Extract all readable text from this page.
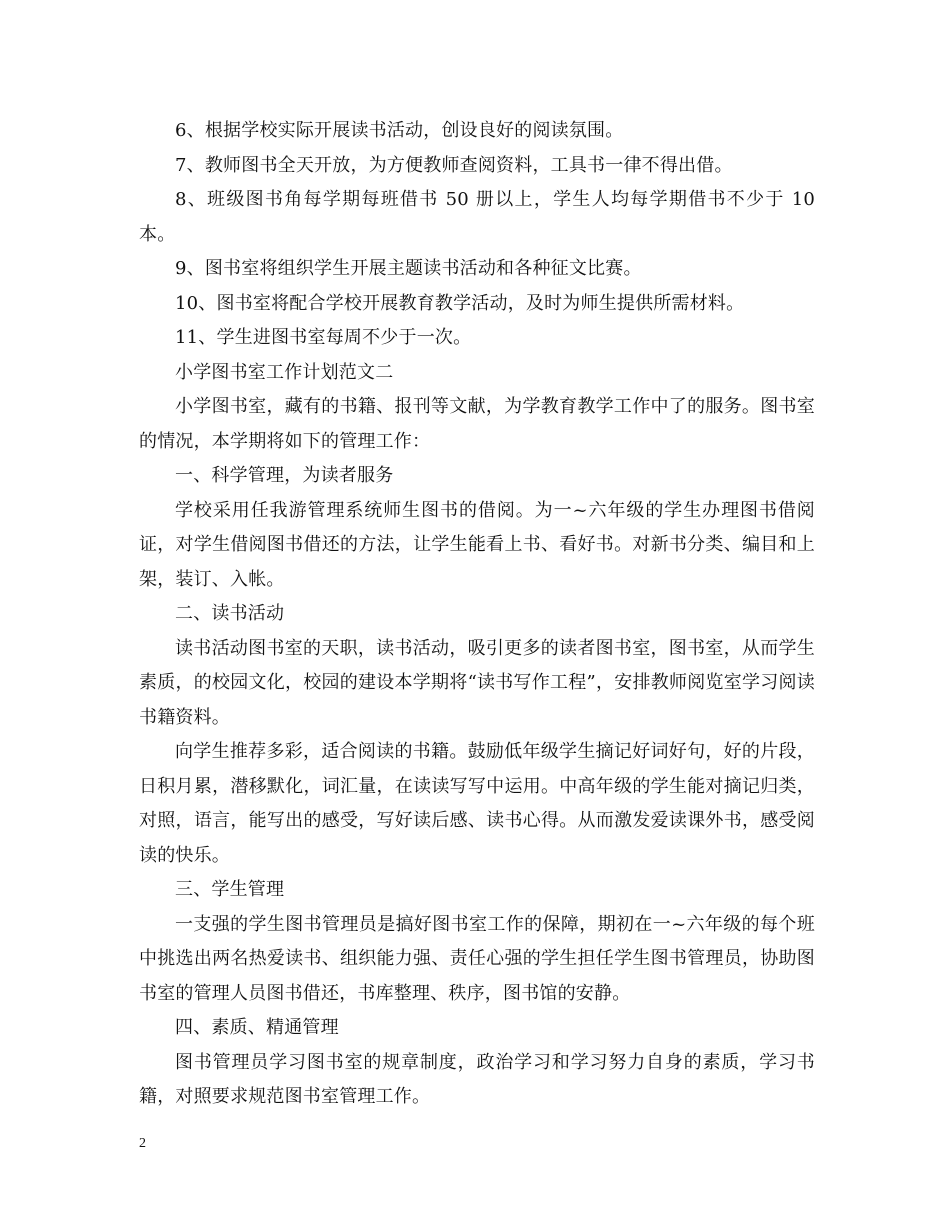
6、根据学校实际开展读书活动，创设良好的阅读氛围。

7、教师图书全天开放，为方便教师查阅资料，工具书一律不得出借。

8、班级图书角每学期每班借书 50 册以上，学生人均每学期借书不少于 10 本。

9、图书室将组织学生开展主题读书活动和各种征文比赛。

10、图书室将配合学校开展教育教学活动，及时为师生提供所需材料。

11、学生进图书室每周不少于一次。

小学图书室工作计划范文二

小学图书室，藏有的书籍、报刊等文献，为学教育教学工作中了的服务。图书室的情况，本学期将如下的管理工作：

一、科学管理，为读者服务

学校采用任我游管理系统师生图书的借阅。为一~六年级的学生办理图书借阅证，对学生借阅图书借还的方法，让学生能看上书、看好书。对新书分类、编目和上架，装订、入帐。

二、读书活动

读书活动图书室的天职，读书活动，吸引更多的读者图书室，图书室，从而学生素质，的校园文化，校园的建设本学期将“读书写作工程”，安排教师阅览室学习阅读书籍资料。

向学生推荐多彩，适合阅读的书籍。鼓励低年级学生摘记好词好句，好的片段，日积月累，潜移默化，词汇量，在读读写写中运用。中高年级的学生能对摘记归类，对照，语言，能写出的感受，写好读后感、读书心得。从而激发爱读课外书，感受阅读的快乐。

三、学生管理

一支强的学生图书管理员是搞好图书室工作的保障，期初在一~六年级的每个班中挑选出两名热爱读书、组织能力强、责任心强的学生担任学生图书管理员，协助图书室的管理人员图书借还，书库整理、秩序，图书馆的安静。

四、素质、精通管理

图书管理员学习图书室的规章制度，政治学习和学习努力自身的素质，学习书籍，对照要求规范图书室管理工作。

2
